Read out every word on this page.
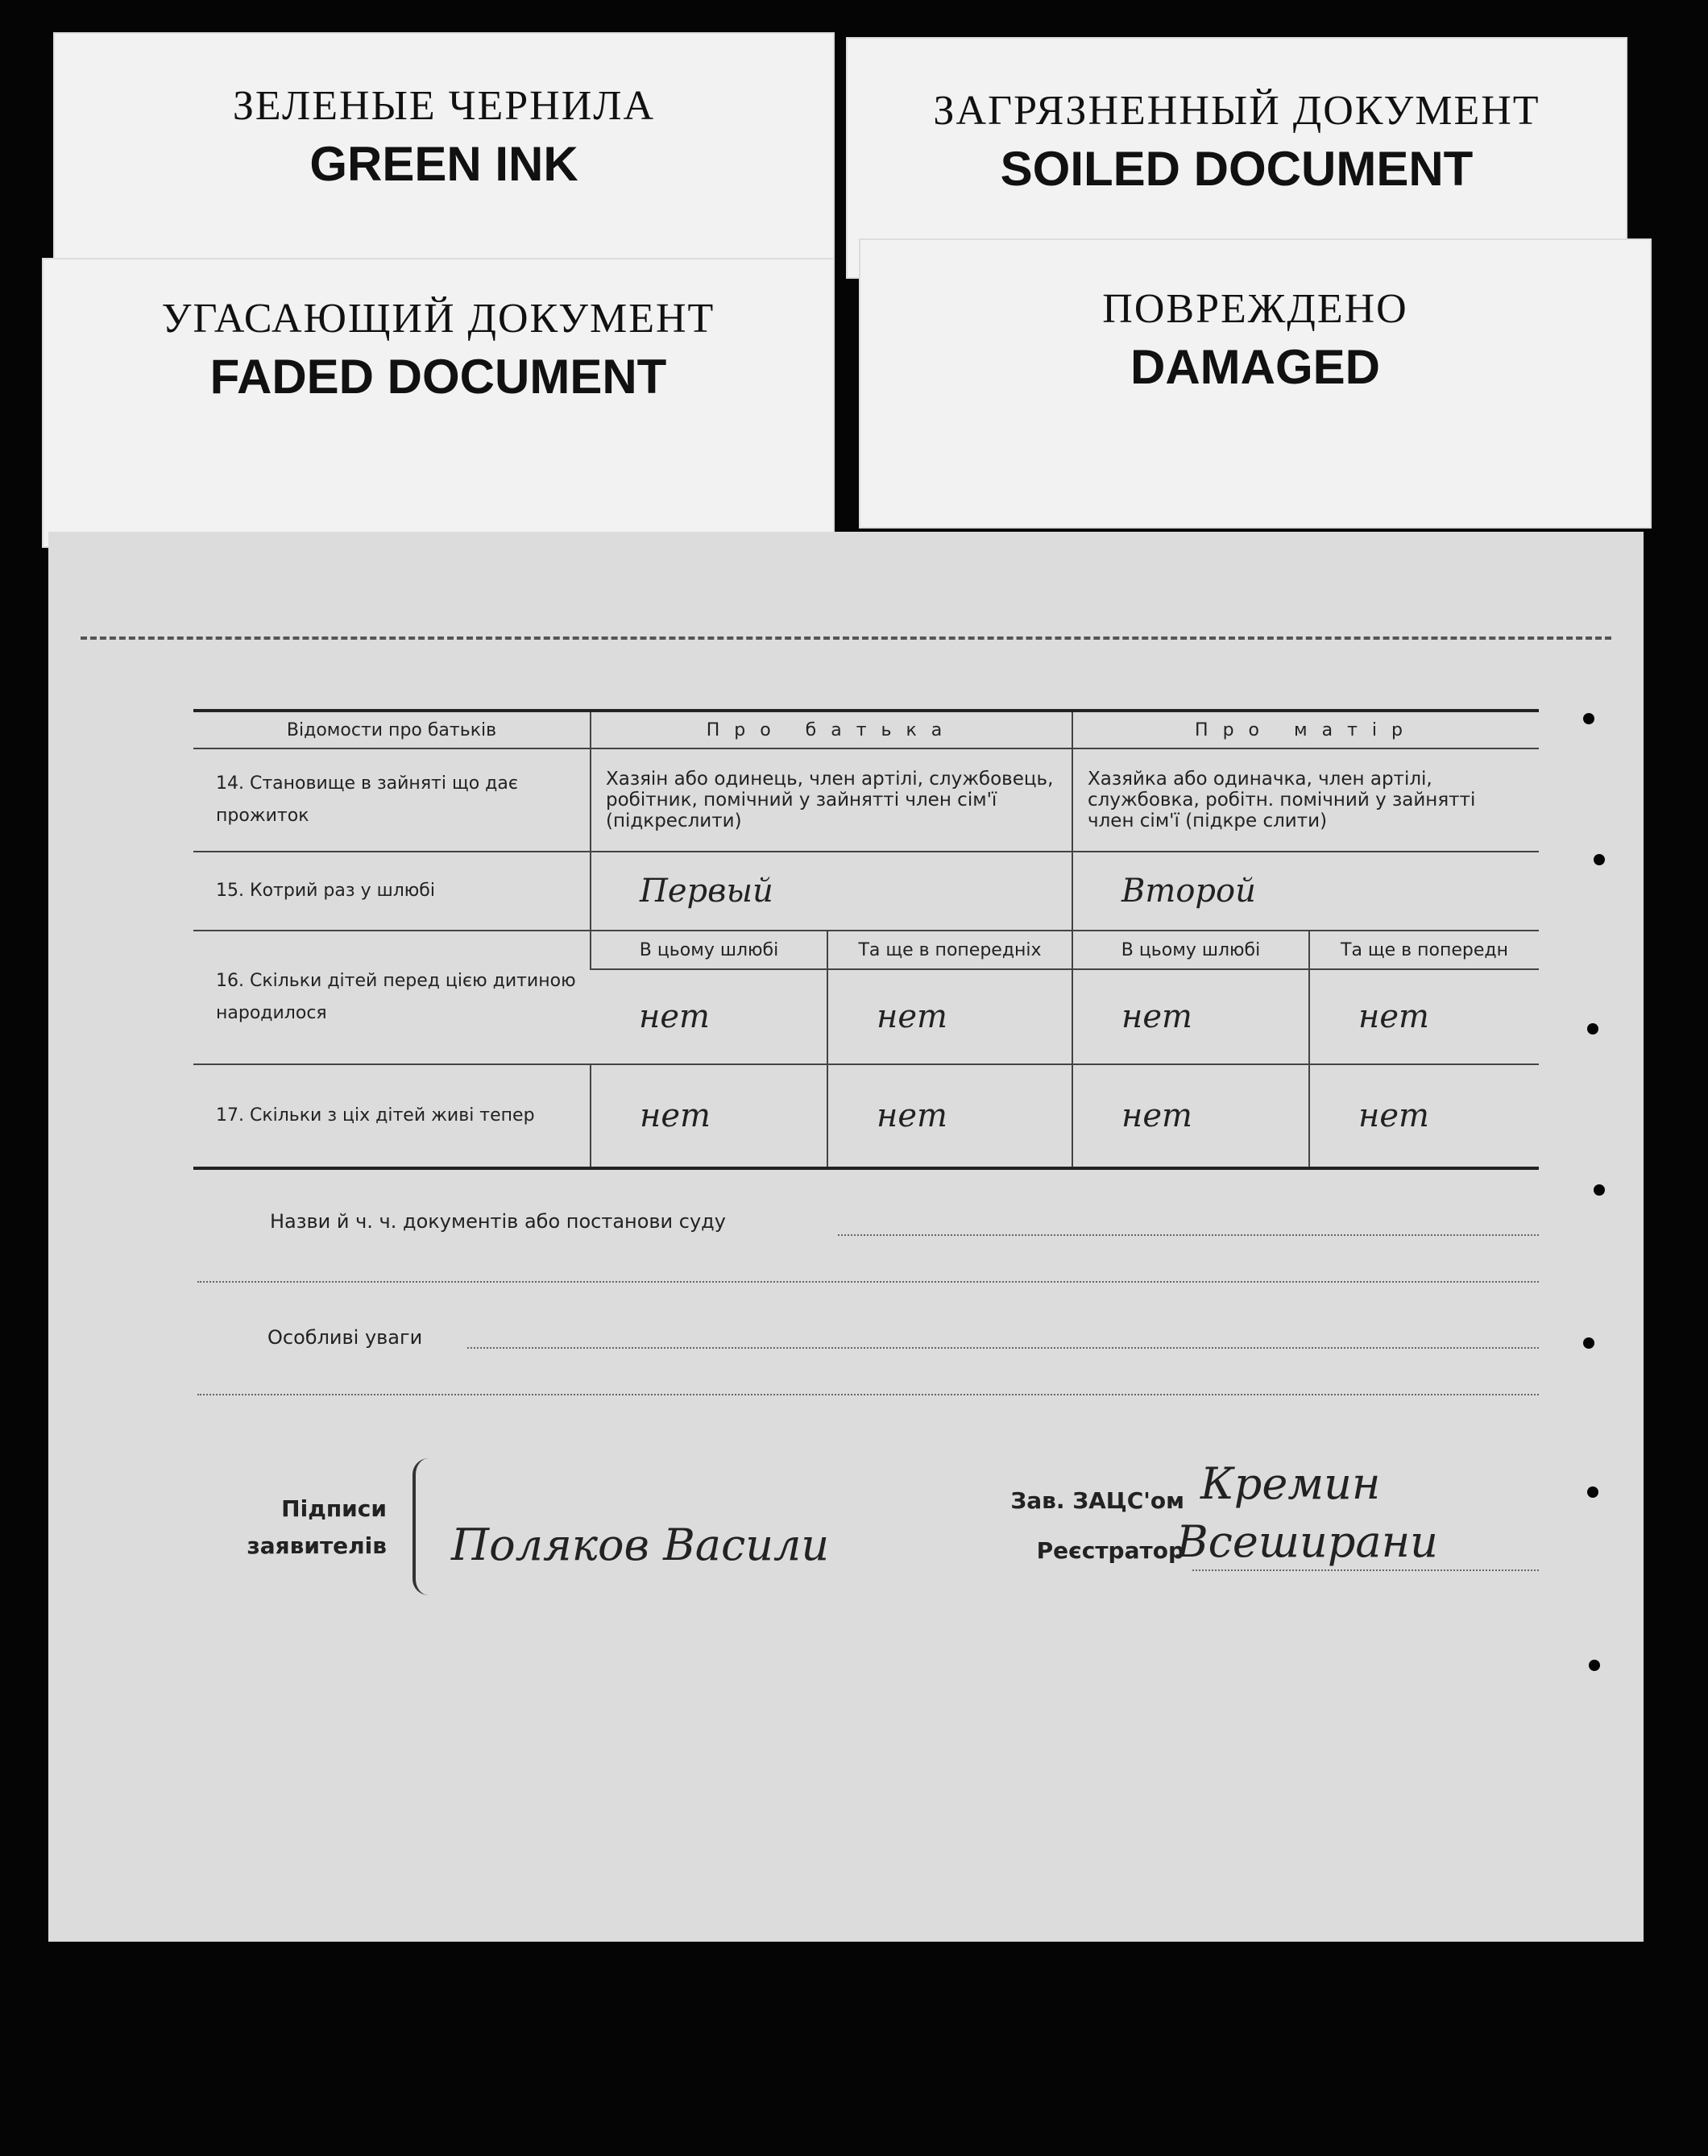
ЗЕЛЕНЫЕ ЧЕРНИЛА
GREEN INK
ЗАГРЯЗНЕННЫЙ ДОКУМЕНТ
SOILED DOCUMENT
УГАСАЮЩИЙ ДОКУМЕНТ
FADED DOCUMENT
ПОВРЕЖДЕНО
DAMAGED
Відомости про батьків	Про батька		Про матір	
14. Становище в зайняті що дає прожиток	Хазяін або одинець, член артілі, службовець, робітник, помічний у зайнятті член сім'ї (підкреслити)		Хазяйка або одиначка, член артілі, службовка, робітн. помічний у зайнятті член сім'ї (підкре слити)	
15. Котрий раз у шлюбі	Первый		Второй	
16. Скільки дітей перед цією дитиною народилося	В цьому шлюбі	Та ще в попередніх	В цьому шлюбі	Та ще в попередн
	нет	нет	нет	нет
17. Скільки з ціх дітей живі тепер	нет	нет	нет	нет
Назви й ч. ч. документів або постанови суду
Особливі уваги
Підписи
заявителів Поляков Васили
Зав. ЗАЦС'ом Кремин
Реєстратор
Всеширани
